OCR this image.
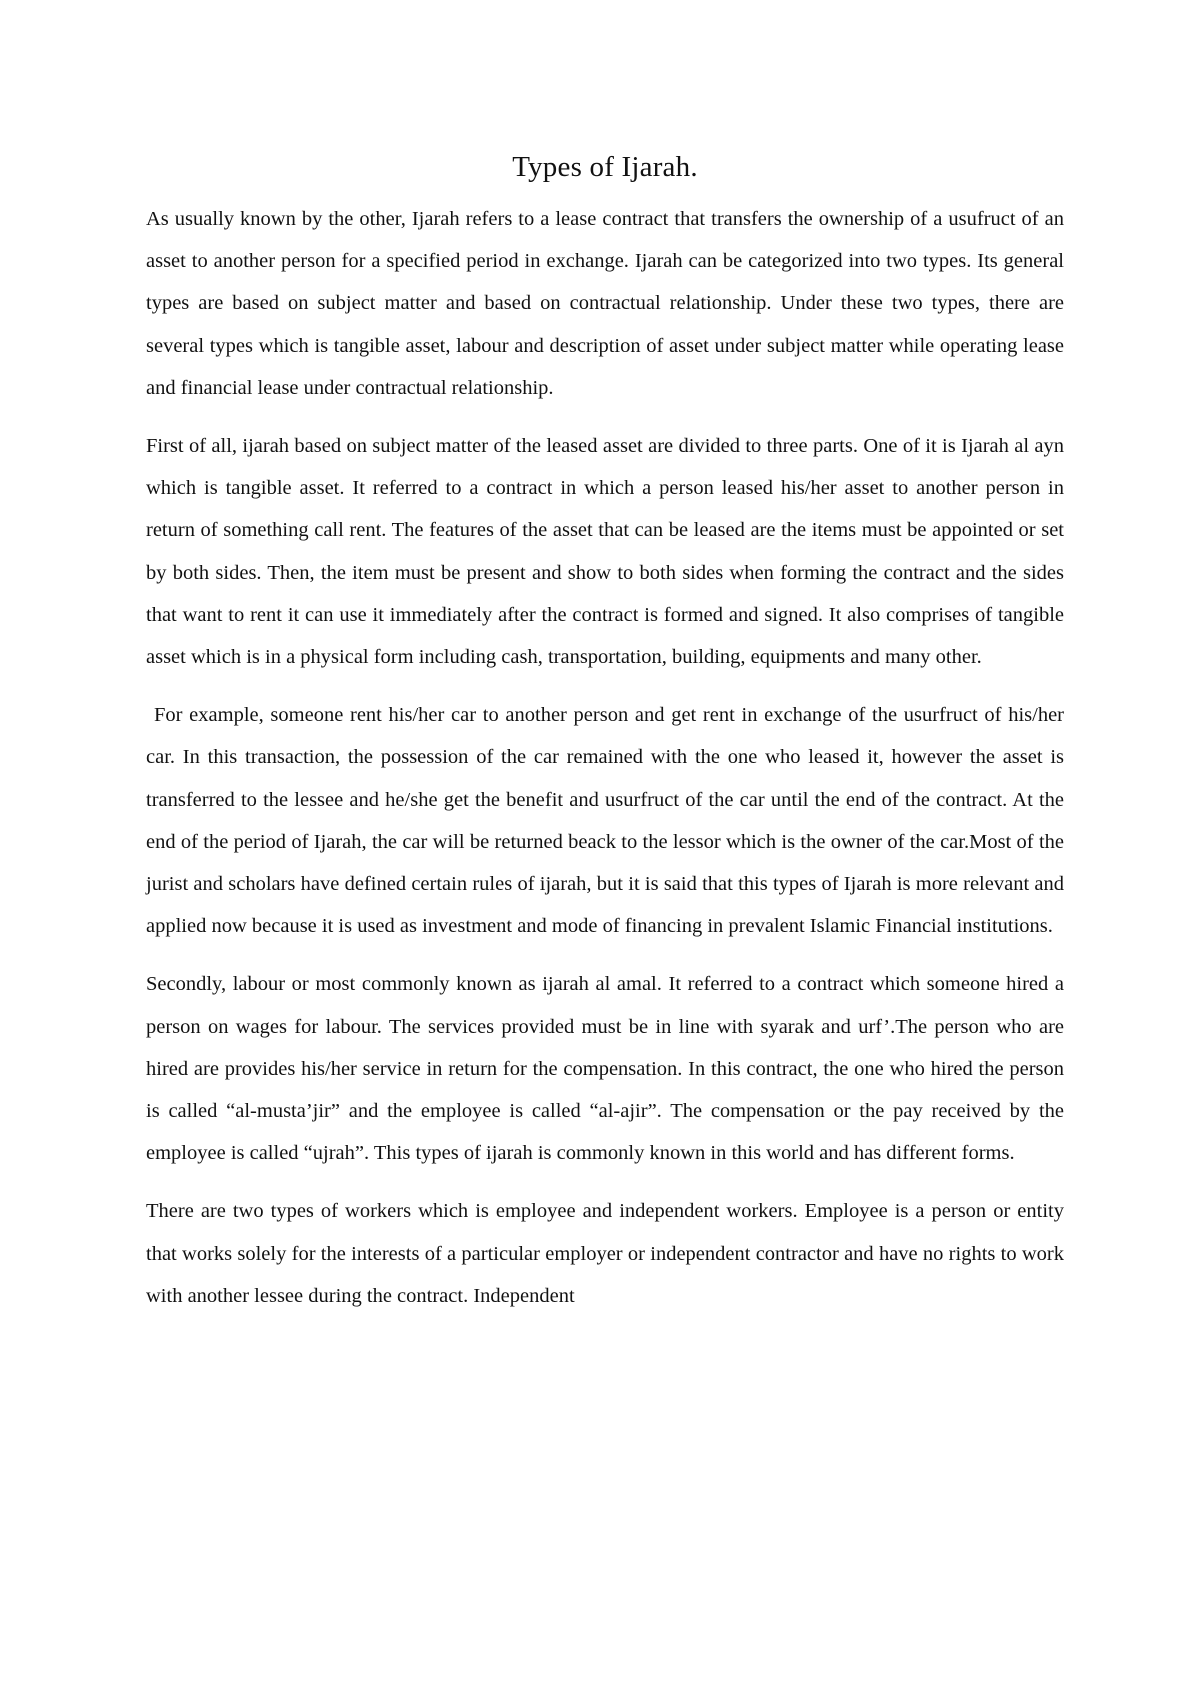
Types of Ijarah.

As usually known by the other, Ijarah refers to a lease contract that transfers the ownership of a usufruct of an asset to another person for a specified period in exchange. Ijarah can be categorized into two types. Its general types are based on subject matter and based on contractual relationship. Under these two types, there are several types which is tangible asset, labour and description of asset under subject matter while operating lease and financial lease under contractual relationship.

First of all, ijarah based on subject matter of the leased asset are divided to three parts. One of it is Ijarah al ayn which is tangible asset. It referred to a contract in which a person leased his/her asset to another person in return of something call rent. The features of the asset that can be leased are the items must be appointed or set by both sides. Then, the item must be present and show to both sides when forming the contract and the sides that want to rent it can use it immediately after the contract is formed and signed. It also comprises of tangible asset which is in a physical form including cash, transportation, building, equipments and many other.

For example, someone rent his/her car to another person and get rent in exchange of the usurfruct of his/her car. In this transaction, the possession of the car remained with the one who leased it, however the asset is transferred to the lessee and he/she get the benefit and usurfruct of the car until the end of the contract. At the end of the period of Ijarah, the car will be returned beack to the lessor which is the owner of the car.Most of the jurist and scholars have defined certain rules of ijarah, but it is said that this types of Ijarah is more relevant and applied now because it is used as investment and mode of financing in prevalent Islamic Financial institutions.

Secondly, labour or most commonly known as ijarah al amal. It referred to a contract which someone hired a person on wages for labour. The services provided must be in line with syarak and urf’.The person who are hired are provides his/her service in return for the compensation. In this contract, the one who hired the person is called “al-musta’jir” and the employee is called “al-ajir”. The compensation or the pay received by the employee is called “ujrah”. This types of ijarah is commonly known in this world and has different forms.

There are two types of workers which is employee and independent workers. Employee is a person or entity that works solely for the interests of a particular employer or independent contractor and have no rights to work with another lessee during the contract. Independent
